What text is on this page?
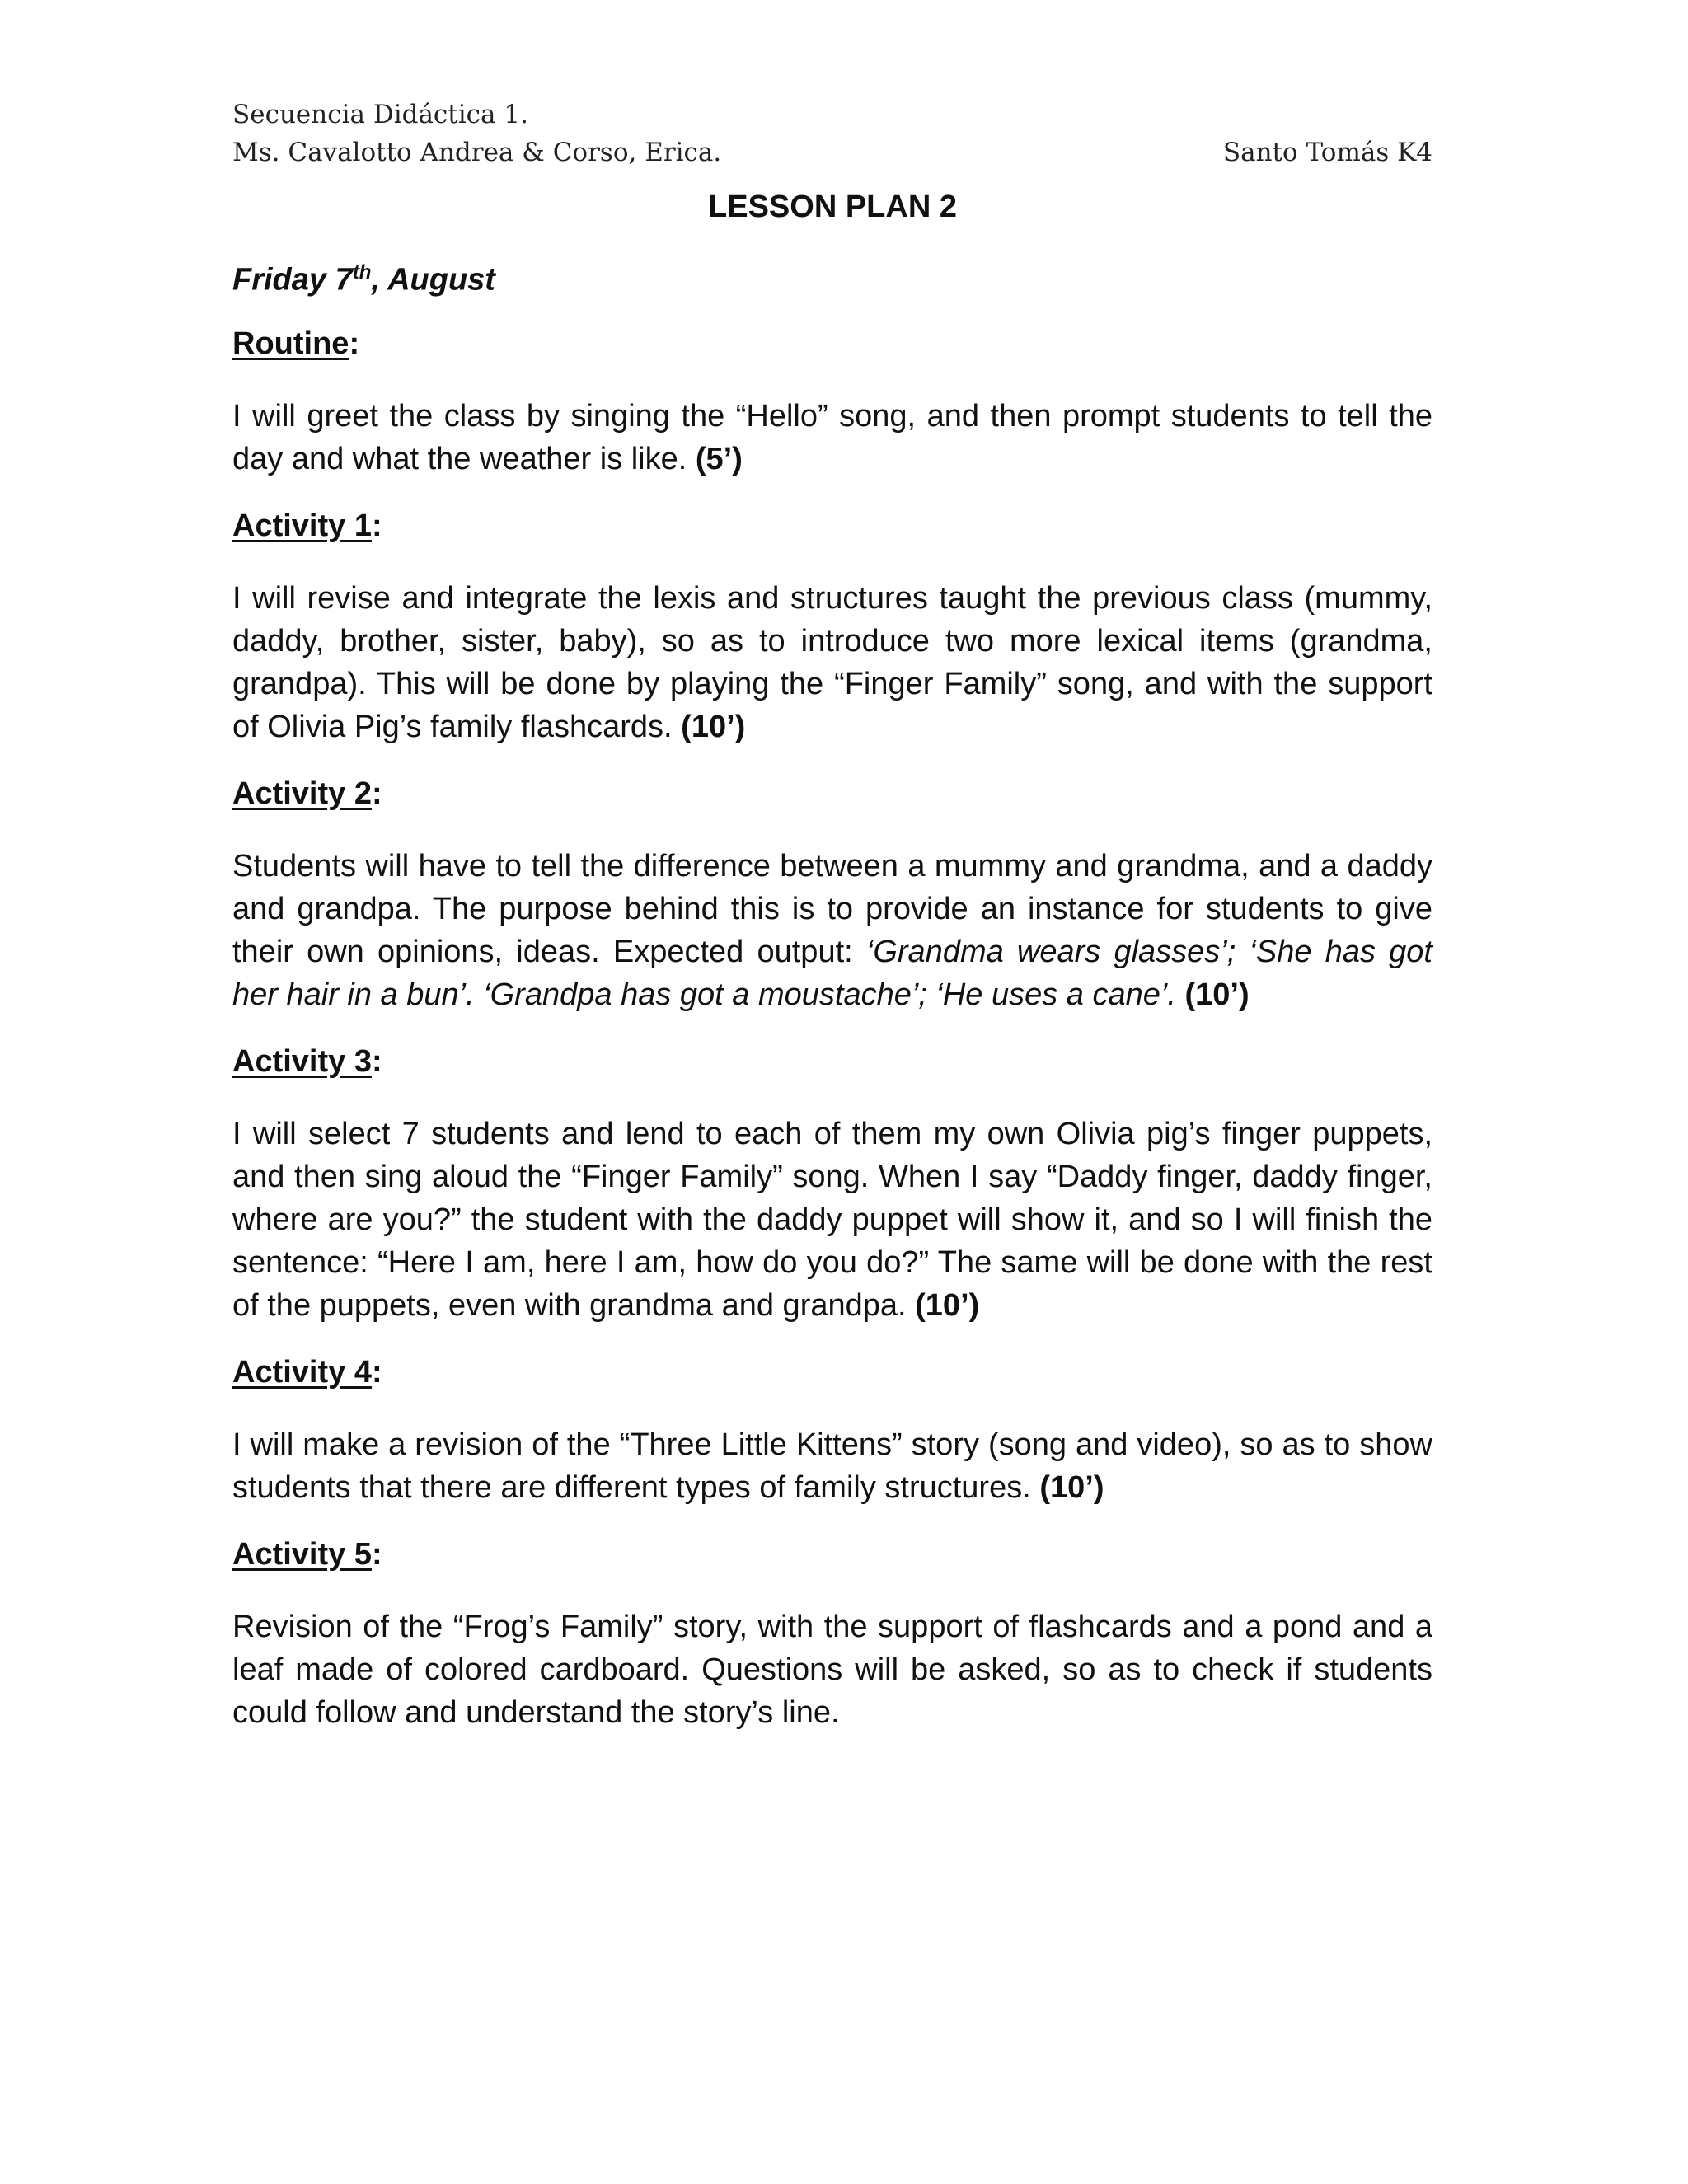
Secuencia Didáctica 1.
Ms. Cavalotto Andrea & Corso, Erica.	Santo Tomás K4
LESSON PLAN 2
Friday 7th, August
Routine:
I will greet the class by singing the “Hello” song, and then prompt students to tell the day and what the weather is like. (5’)
Activity 1:
I will revise and integrate the lexis and structures taught the previous class (mummy, daddy, brother, sister, baby), so as to introduce two more lexical items (grandma, grandpa). This will be done by playing the “Finger Family” song, and with the support of Olivia Pig’s family flashcards. (10’)
Activity 2:
Students will have to tell the difference between a mummy and grandma, and a daddy and grandpa. The purpose behind this is to provide an instance for students to give their own opinions, ideas. Expected output: ‘Grandma wears glasses’; ‘She has got her hair in a bun’. ‘Grandpa has got a moustache’; ‘He uses a cane’. (10’)
Activity 3:
I will select 7 students and lend to each of them my own Olivia pig’s finger puppets, and then sing aloud the “Finger Family” song. When I say “Daddy finger, daddy finger, where are you?” the student with the daddy puppet will show it, and so I will finish the sentence: “Here I am, here I am, how do you do?” The same will be done with the rest of the puppets, even with grandma and grandpa. (10’)
Activity 4:
I will make a revision of the “Three Little Kittens” story (song and video), so as to show students that there are different types of family structures. (10’)
Activity 5:
Revision of the “Frog’s Family” story, with the support of flashcards and a pond and a leaf made of colored cardboard. Questions will be asked, so as to check if students could follow and understand the story’s line.
